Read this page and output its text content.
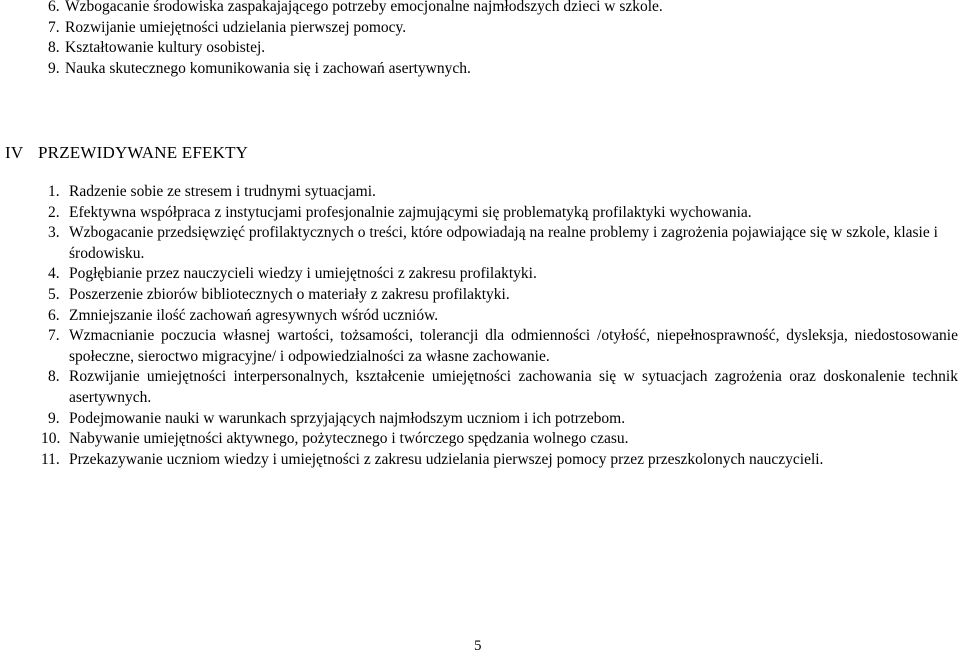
6. Wzbogacanie środowiska zaspakajającego potrzeby emocjonalne najmłodszych dzieci w szkole.
7. Rozwijanie umiejętności udzielania pierwszej pomocy.
8. Kształtowanie kultury osobistej.
9. Nauka skutecznego komunikowania się i zachowań asertywnych.
IV PRZEWIDYWANE EFEKTY
1. Radzenie sobie ze stresem i trudnymi sytuacjami.
2. Efektywna współpraca z instytucjami profesjonalnie zajmującymi się problematyką profilaktyki wychowania.
3. Wzbogacanie przedsięwzięć profilaktycznych o treści, które odpowiadają na realne problemy i zagrożenia pojawiające się w szkole, klasie i środowisku.
4. Pogłębianie przez nauczycieli wiedzy i umiejętności z zakresu profilaktyki.
5. Poszerzenie zbiorów bibliotecznych o materiały z zakresu profilaktyki.
6. Zmniejszanie ilość zachowań agresywnych wśród uczniów.
7. Wzmacnianie poczucia własnej wartości, tożsamości, tolerancji dla odmienności /otyłość, niepełnosprawność, dysleksja, niedostosowanie społeczne, sieroctwo migracyjne/ i odpowiedzialności za własne zachowanie.
8. Rozwijanie umiejętności interpersonalnych, kształcenie umiejętności zachowania się w sytuacjach zagrożenia oraz doskonalenie technik asertywnych.
9. Podejmowanie nauki w warunkach sprzyjających najmłodszym uczniom i ich potrzebom.
10. Nabywanie umiejętności aktywnego, pożytecznego i twórczego spędzania wolnego czasu.
11. Przekazywanie uczniom wiedzy i umiejętności z zakresu udzielania pierwszej pomocy przez przeszkolonych nauczycieli.
5
